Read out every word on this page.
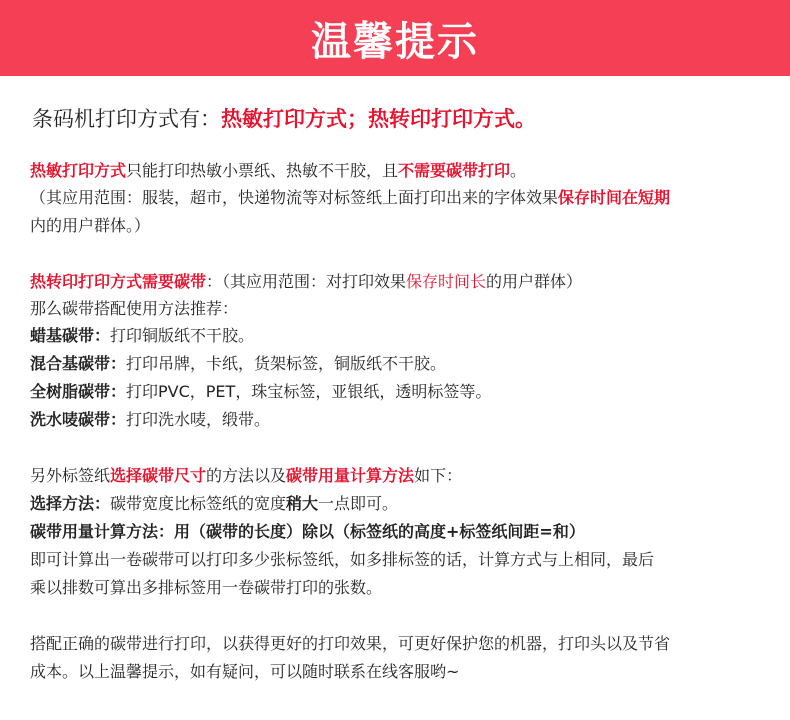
温馨提示
条码机打印方式有：热敏打印方式；热转印打印方式。
热敏打印方式只能打印热敏小票纸、热敏不干胶，且不需要碳带打印。
（其应用范围：服装，超市，快递物流等对标签纸上面打印出来的字体效果保存时间在短期
内的用户群体。）
热转印打印方式需要碳带：（其应用范围：对打印效果保存时间长的用户群体）
那么碳带搭配使用方法推荐：
蜡基碳带：打印铜版纸不干胶。
混合基碳带：打印吊牌，卡纸，货架标签，铜版纸不干胶。
全树脂碳带：打印PVC，PET，珠宝标签，亚银纸，透明标签等。
洗水唛碳带：打印洗水唛，缎带。
另外标签纸选择碳带尺寸的方法以及碳带用量计算方法如下：
选择方法：碳带宽度比标签纸的宽度稍大一点即可。
碳带用量计算方法：用（碳带的长度）除以（标签纸的高度+标签纸间距=和）
即可计算出一卷碳带可以打印多少张标签纸，如多排标签的话，计算方式与上相同，最后
乘以排数可算出多排标签用一卷碳带打印的张数。
搭配正确的碳带进行打印，以获得更好的打印效果，可更好保护您的机器，打印头以及节省
成本。以上温馨提示，如有疑问，可以随时联系在线客服哟~
